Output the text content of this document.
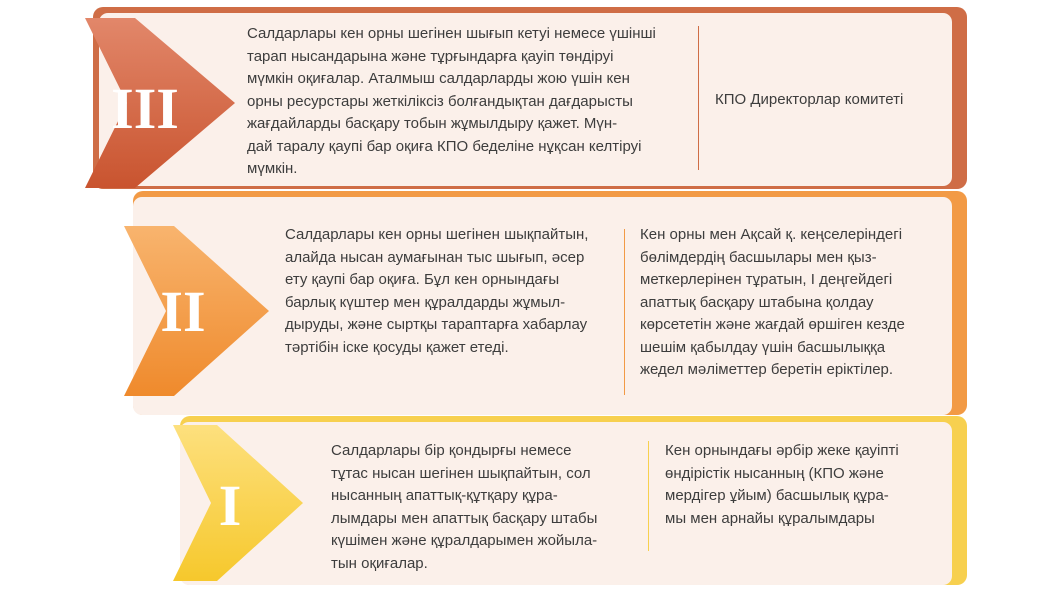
III
Салдарлары кен орны шегінен шығып кетуі немесе үшінші
тарап нысандарына және тұрғындарға қауіп төндіруі
мүмкін оқиғалар. Аталмыш салдарларды жою үшін кен
орны ресурстары жеткіліксіз болғандықтан дағдарысты
жағдайларды басқару тобын жұмылдыру қажет. Мүн-
дай таралу қаупі бар оқиға КПО беделіне нұқсан келтіруі
мүмкін.
КПО Директорлар комитеті
II
Салдарлары кен орны шегінен шықпайтын,
алайда нысан аумағынан тыс шығып, әсер
ету қаупі бар оқиға. Бұл кен орнындағы
барлық күштер мен құралдарды жұмыл-
дыруды, және сыртқы тараптарға хабарлау
тәртібін іске қосуды қажет етеді.
Кен орны мен Ақсай қ. кеңселеріндегі
бөлімдердің басшылары мен қыз-
меткерлерінен тұратын, I деңгейдегі
апаттық басқару штабына қолдау
көрсететін және жағдай өршіген кезде
шешім қабылдау үшін басшылыққа
жедел мәліметтер беретін еріктілер.
I
Салдарлары бір қондырғы немесе
тұтас нысан шегінен шықпайтын, сол
нысанның апаттық-құтқару құра-
лымдары мен апаттық басқару штабы
күшімен және құралдарымен жойыла-
тын оқиғалар.
Кен орнындағы әрбір жеке қауіпті
өндірістік нысанның (КПО және
мердігер ұйым) басшылық құра-
мы мен арнайы құралымдары
